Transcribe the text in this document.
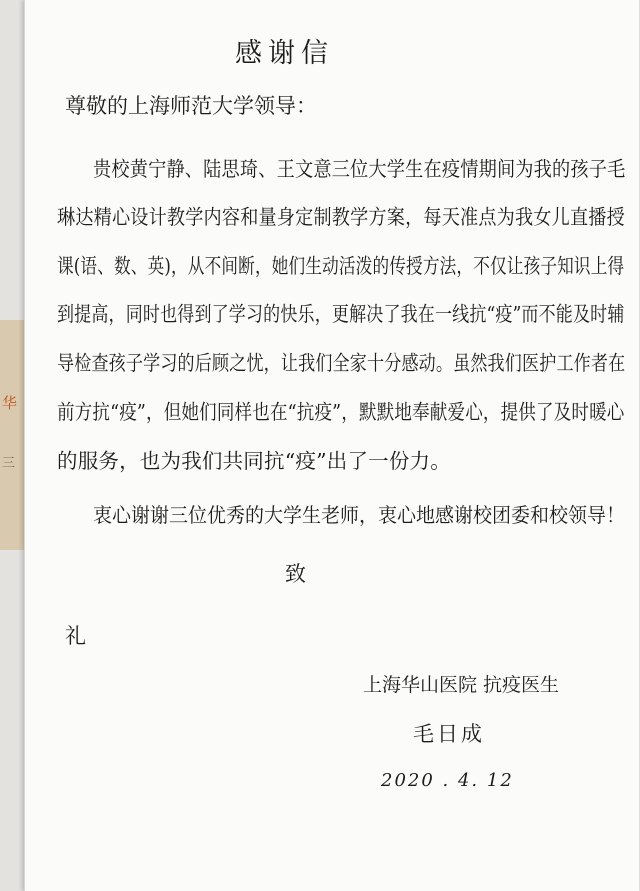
华
三
感谢信
尊敬的上海师范大学领导：
贵校黄宁静、陆思琦、王文意三位大学生在疫情期间为我的孩子毛
琳达精心设计教学内容和量身定制教学方案，每天准点为我女儿直播授
课(语、数、英)，从不间断，她们生动活泼的传授方法，不仅让孩子知识上得
到提高，同时也得到了学习的快乐，更解决了我在一线抗“疫”而不能及时辅
导检查孩子学习的后顾之忧，让我们全家十分感动。虽然我们医护工作者在
前方抗“疫”，但她们同样也在“抗疫”，默默地奉献爱心，提供了及时暖心
的服务，也为我们共同抗“疫”出了一份力。
衷心谢谢三位优秀的大学生老师，衷心地感谢校团委和校领导！
致
礼
上海华山医院 抗疫医生
毛日成
2020 . 4. 12
